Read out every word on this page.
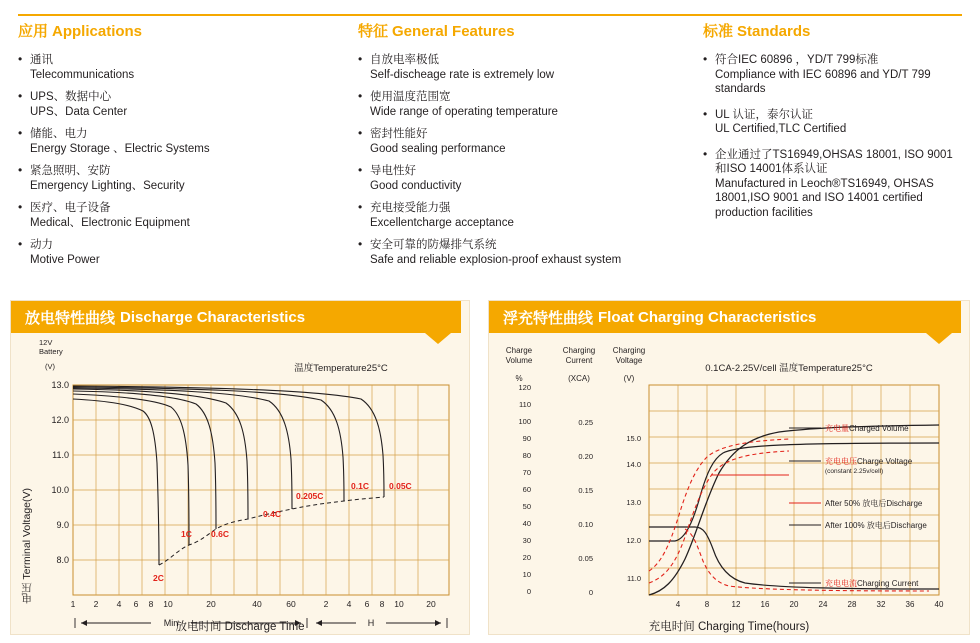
应用 Applications
• 通讯
Telecommunications
• UPS、数据中心
UPS、Data Center
• 储能、电力
Energy Storage 、Electric Systems
• 紧急照明、安防
Emergency Lighting、Security
• 医疗、电子设备
Medical、Electronic Equipment
• 动力
Motive Power
特征 General Features
• 自放电率极低
Self-discheage rate is extremely low
• 使用温度范围宽
Wide range of operating temperature
• 密封性能好
Good sealing performance
• 导电性好
Good conductivity
• 充电接受能力强
Excellentcharge acceptance
• 安全可靠的防爆排气系统
Safe and reliable explosion-proof exhaust system
标准 Standards
• 符合IEC 60896 ，YD/T 799标准
Compliance with IEC 60896 and YD/T 799 standards
• UL 认证，泰尔认证
UL Certified,TLC Certified
• 企业通过了TS16949,OHSAS 18001, ISO 9001和ISO 14001体系认证
Manufactured in Leoch®TS16949, OHSAS 18001,ISO 9001 and ISO 14001 certified production facilities
放电特性曲线 Discharge Characteristics
13.0
12.0
11.0
10.0
9.0
8.0
12V
Battery
(V)	温度Temperature25°C
2C
1C 0.6C
0.4C
0.205C
0.1C 0.05C
1 2 4 6 8 10	20	40	60	2 4 6 8 10	20
Min	H
电压 Terminal Voltage(V)
放电时间 Discharge Time
浮充特性曲线 Float Charging Characteristics
Charge
Volume
%
Charging
Current
(XCA)
Charging
Voltage
(V)
0.1CA-2.25V/cell 温度Temperature25°C
120
110
100
90
80
70
60
50
40
30
20
10
0
0.25
0.20
0.15
0.10
0.05
0
15.0
14.0
13.0
12.0
11.0
4	8	12	16	20	24	28	32	36	40
充电量Charged Volume
充电电压Charge Voltage
(constant 2.25v/cell)
After 50% 放电后Discharge
After 100% 放电后Discharge
充电电流Charging Current
充电时间 Charging Time(hours)
